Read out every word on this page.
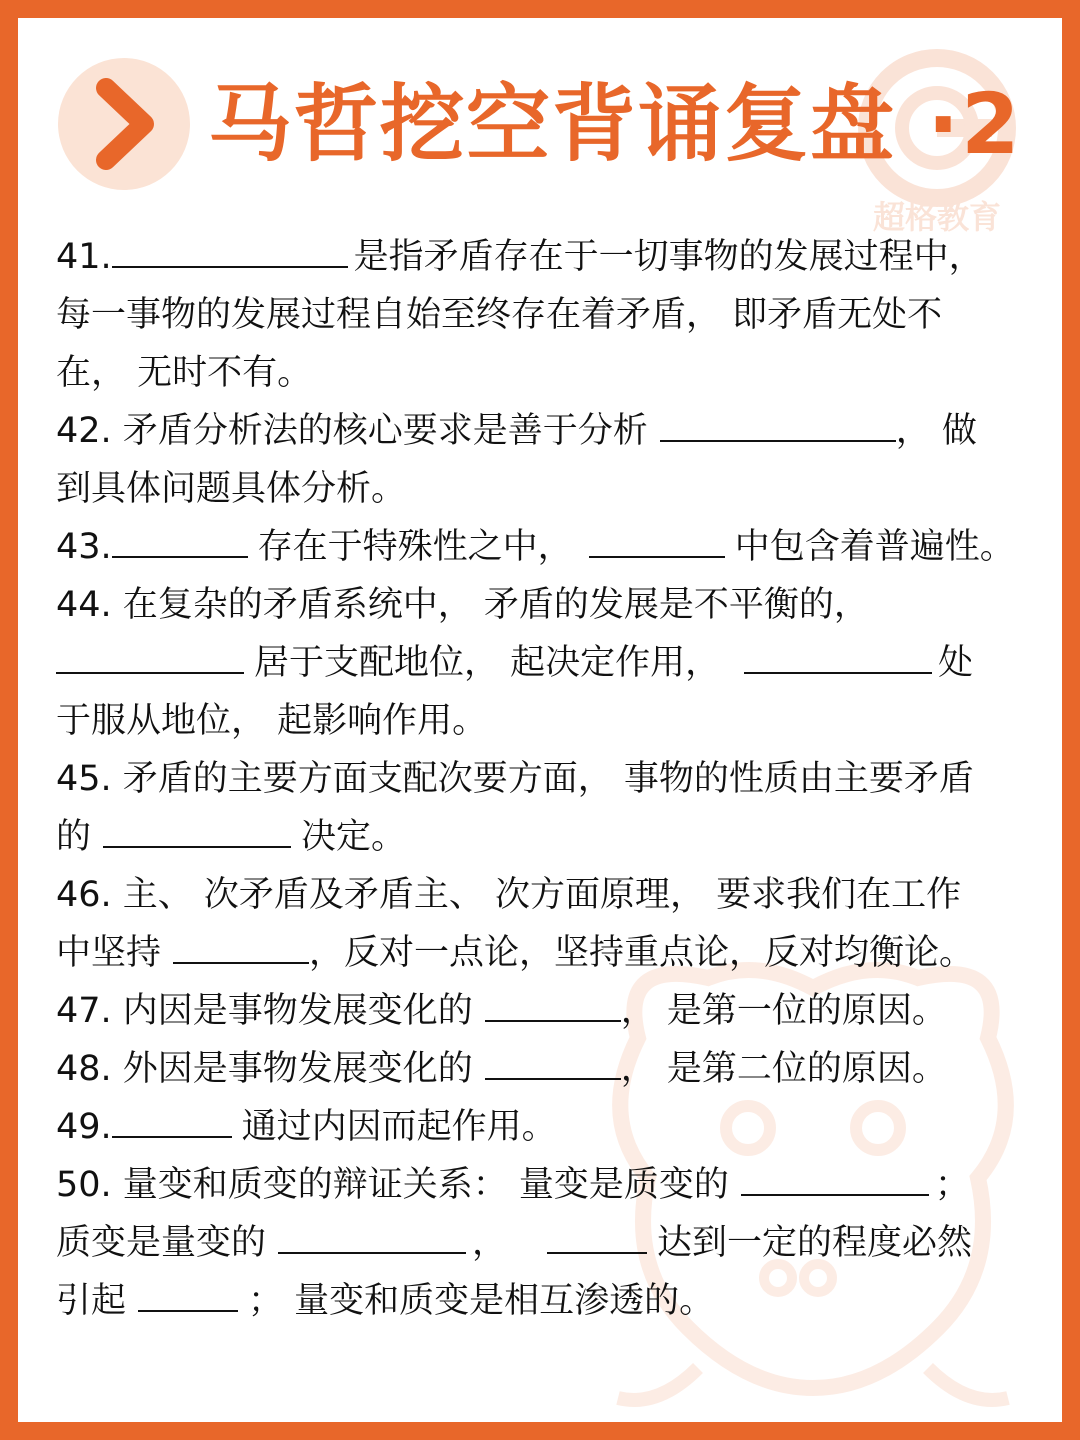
超格教育
马哲挖空背诵复盘 ·2
41.	是指矛盾存在于一切事物的发展过程中，
每一事物的发展过程自始至终存在着矛盾， 即矛盾无处不
在， 无时不有。
42. 矛盾分析法的核心要求是善于分析	， 做
到具体问题具体分析。
43.	存在于特殊性之中，	中包含着普遍性。
44. 在复杂的矛盾系统中， 矛盾的发展是不平衡的，
居于支配地位， 起决定作用，	处
于服从地位， 起影响作用。
45. 矛盾的主要方面支配次要方面， 事物的性质由主要矛盾
的	决定。
46. 主、 次矛盾及矛盾主、 次方面原理， 要求我们在工作
中坚持	，反对一点论，坚持重点论，反对均衡论。
47. 内因是事物发展变化的	， 是第一位的原因。
48. 外因是事物发展变化的	， 是第二位的原因。
49.	通过内因而起作用。
50. 量变和质变的辩证关系： 量变是质变的	；
质变是量变的	，	达到一定的程度必然
引起	； 量变和质变是相互渗透的。
